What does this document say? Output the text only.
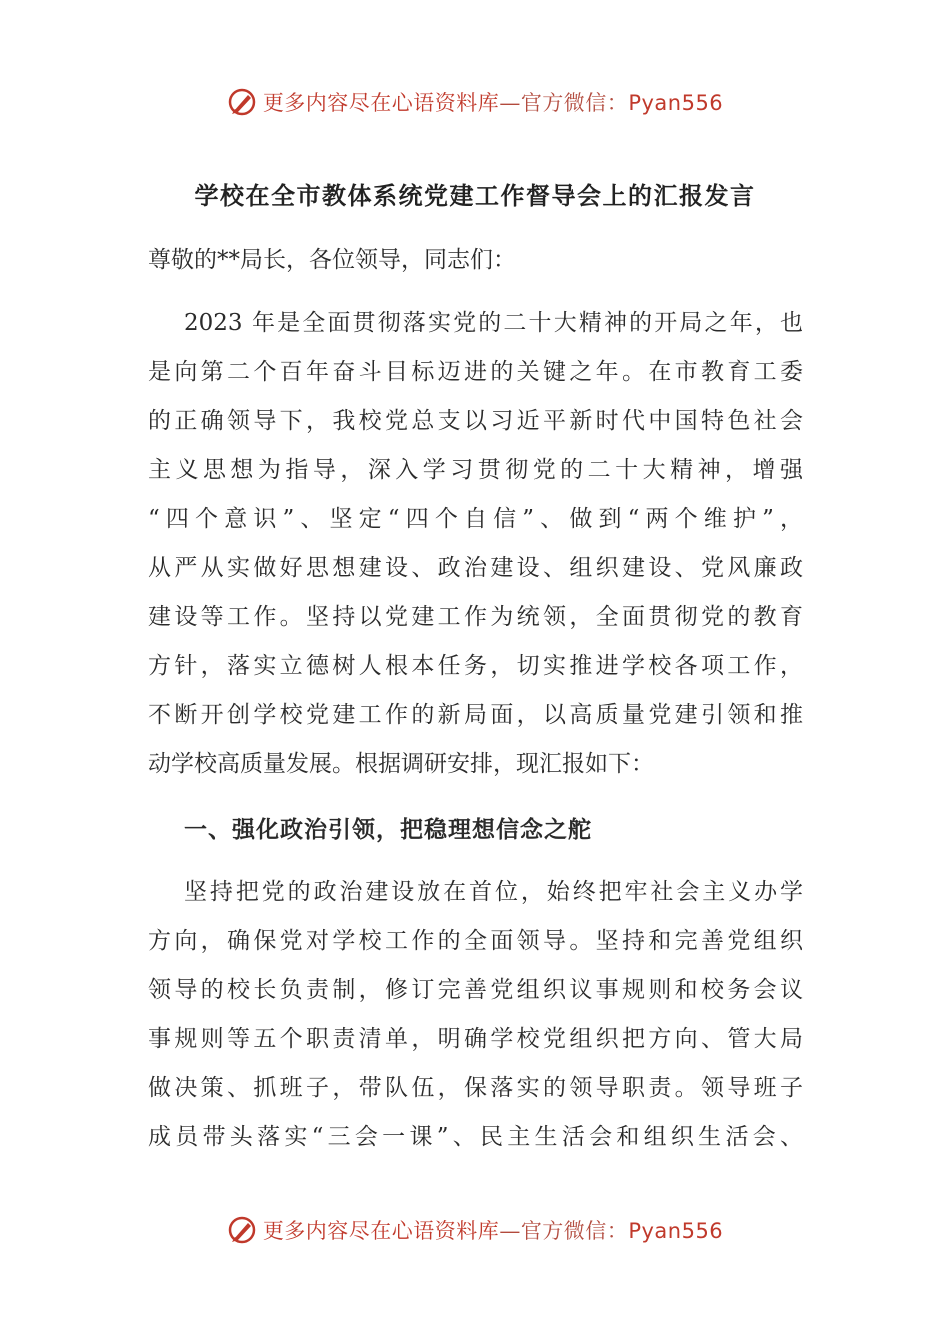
更多内容尽在心语资料库—官方微信：Pyan556
学校在全市教体系统党建工作督导会上的汇报发言
尊敬的**局长，各位领导，同志们：
2023 年是全面贯彻落实党的二十大精神的开局之年，也
是向第二个百年奋斗目标迈进的关键之年。在市教育工委
的正确领导下，我校党总支以习近平新时代中国特色社会
主义思想为指导，深入学习贯彻党的二十大精神，增强
“四个意识”、坚定“四个自信”、做到“两个维护”，
从严从实做好思想建设、政治建设、组织建设、党风廉政
建设等工作。坚持以党建工作为统领，全面贯彻党的教育
方针，落实立德树人根本任务，切实推进学校各项工作，
不断开创学校党建工作的新局面，以高质量党建引领和推
动学校高质量发展。根据调研安排，现汇报如下：
一、强化政治引领，把稳理想信念之舵
坚持把党的政治建设放在首位，始终把牢社会主义办学
方向，确保党对学校工作的全面领导。坚持和完善党组织
领导的校长负责制，修订完善党组织议事规则和校务会议
事规则等五个职责清单，明确学校党组织把方向、管大局
做决策、抓班子，带队伍，保落实的领导职责。领导班子
成员带头落实“三会一课”、民主生活会和组织生活会、
更多内容尽在心语资料库—官方微信：Pyan556
